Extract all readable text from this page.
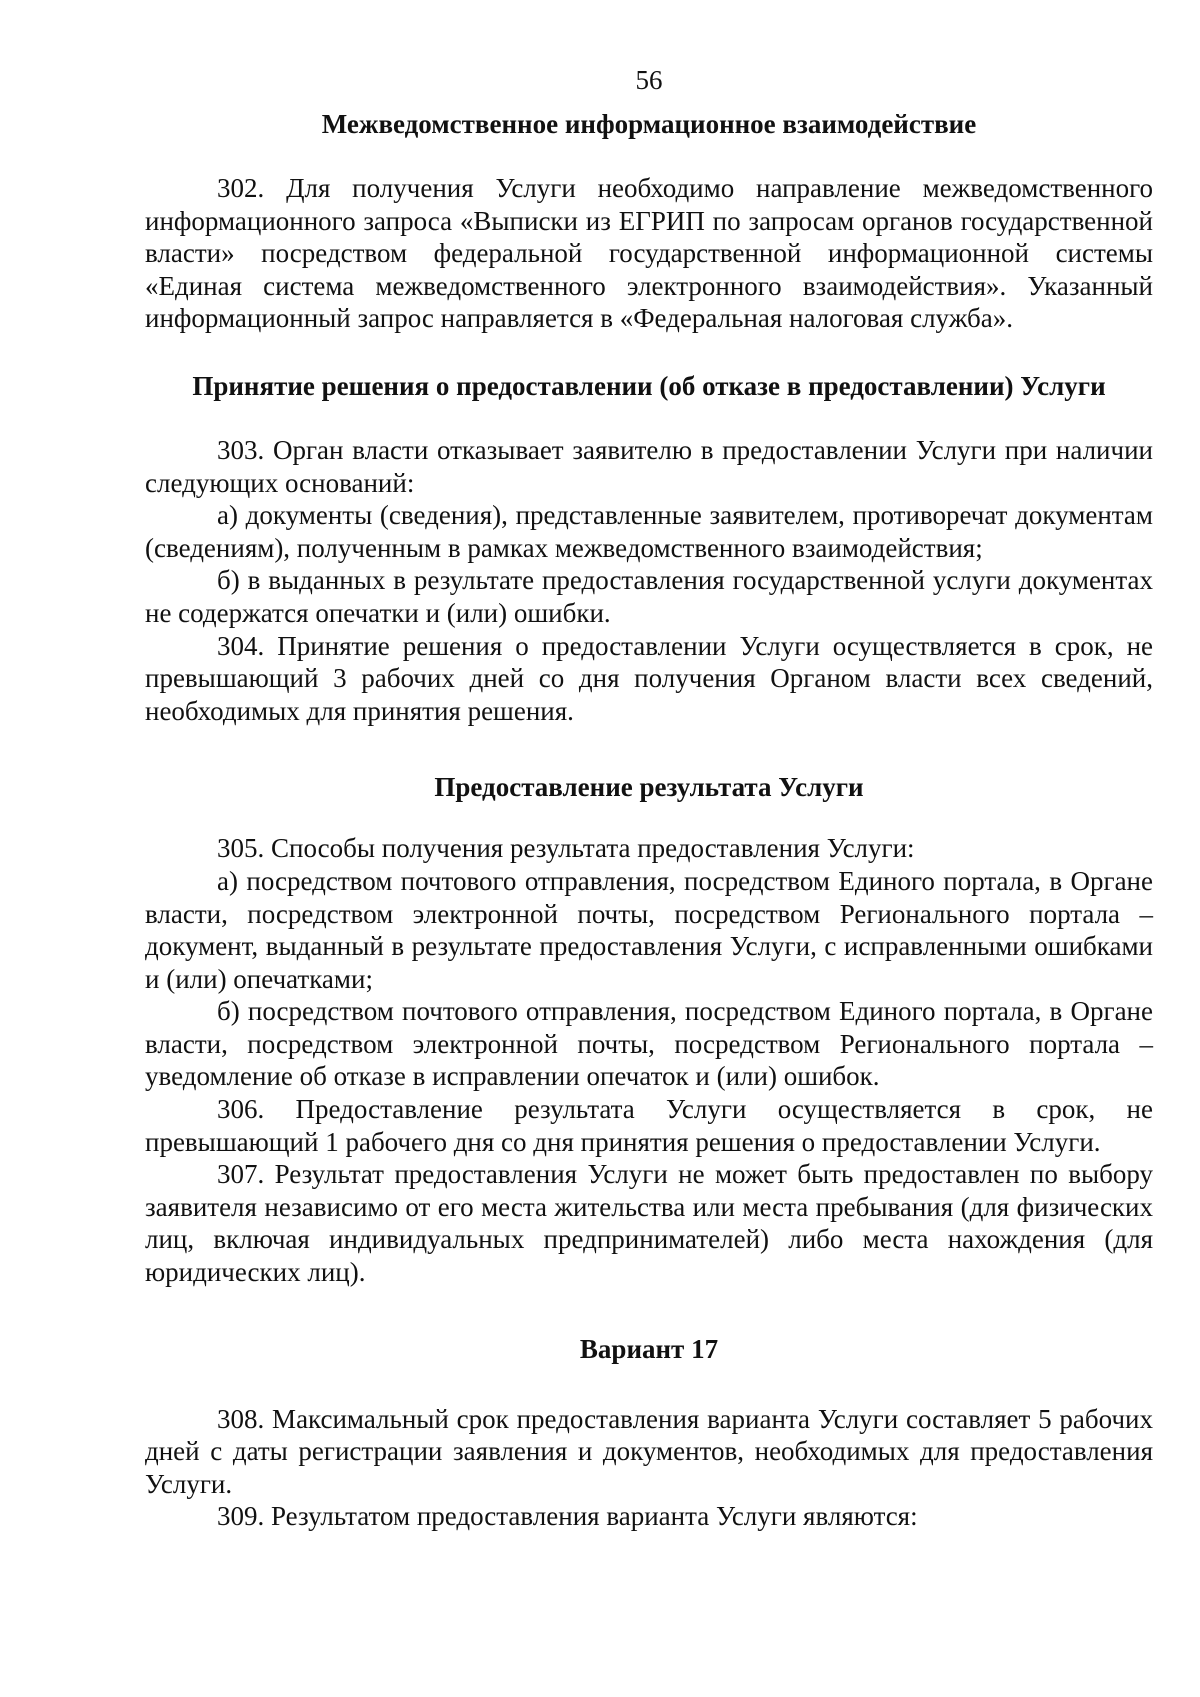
56
Межведомственное информационное взаимодействие

302. Для получения Услуги необходимо направление межведомственного информационного запроса «Выписки из ЕГРИП по запросам органов государственной власти» посредством федеральной государственной информационной системы «Единая система межведомственного электронного взаимодействия». Указанный информационный запрос направляется в «Федеральная налоговая служба».

Принятие решения о предоставлении (об отказе в предоставлении) Услуги

303. Орган власти отказывает заявителю в предоставлении Услуги при наличии следующих оснований:

а) документы (сведения), представленные заявителем, противоречат документам (сведениям), полученным в рамках межведомственного взаимодействия;

б) в выданных в результате предоставления государственной услуги документах не содержатся опечатки и (или) ошибки.

304. Принятие решения о предоставлении Услуги осуществляется в срок, не превышающий 3 рабочих дней со дня получения Органом власти всех сведений, необходимых для принятия решения.

Предоставление результата Услуги

305. Способы получения результата предоставления Услуги:

а) посредством почтового отправления, посредством Единого портала, в Органе власти, посредством электронной почты, посредством Регионального портала – документ, выданный в результате предоставления Услуги, с исправленными ошибками и (или) опечатками;

б) посредством почтового отправления, посредством Единого портала, в Органе власти, посредством электронной почты, посредством Регионального портала – уведомление об отказе в исправлении опечаток и (или) ошибок.

306. Предоставление результата Услуги осуществляется в срок, не превышающий 1 рабочего дня со дня принятия решения о предоставлении Услуги.

307. Результат предоставления Услуги не может быть предоставлен по выбору заявителя независимо от его места жительства или места пребывания (для физических лиц, включая индивидуальных предпринимателей) либо места нахождения (для юридических лиц).

Вариант 17

308. Максимальный срок предоставления варианта Услуги составляет 5 рабочих дней с даты регистрации заявления и документов, необходимых для предоставления Услуги.

309. Результатом предоставления варианта Услуги являются:
